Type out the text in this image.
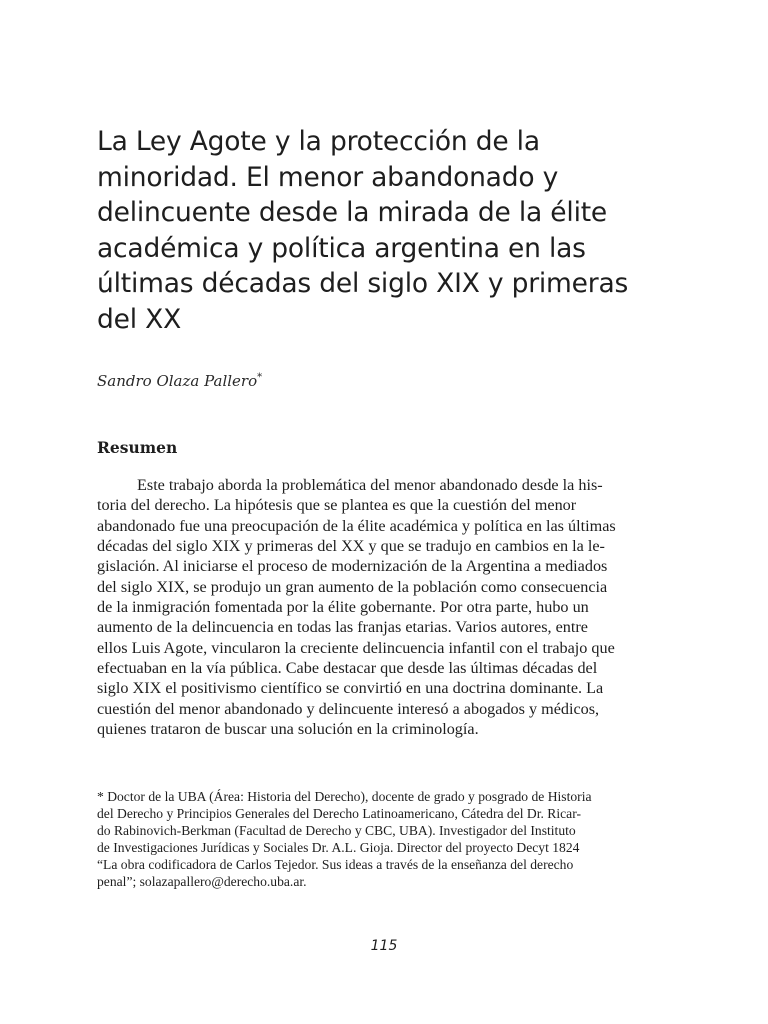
La Ley Agote y la protección de la
minoridad. El menor abandonado y
delincuente desde la mirada de la élite
académica y política argentina en las
últimas décadas del siglo XIX y primeras
del XX

Sandro Olaza Pallero*

Resumen

Este trabajo aborda la problemática del menor abandonado desde la his-
toria del derecho. La hipótesis que se plantea es que la cuestión del menor
abandonado fue una preocupación de la élite académica y política en las últimas
décadas del siglo XIX y primeras del XX y que se tradujo en cambios en la le-
gislación. Al iniciarse el proceso de modernización de la Argentina a mediados
del siglo XIX, se produjo un gran aumento de la población como consecuencia
de la inmigración fomentada por la élite gobernante. Por otra parte, hubo un
aumento de la delincuencia en todas las franjas etarias. Varios autores, entre
ellos Luis Agote, vincularon la creciente delincuencia infantil con el trabajo que
efectuaban en la vía pública. Cabe destacar que desde las últimas décadas del
siglo XIX el positivismo científico se convirtió en una doctrina dominante. La
cuestión del menor abandonado y delincuente interesó a abogados y médicos,
quienes trataron de buscar una solución en la criminología.

* Doctor de la UBA (Área: Historia del Derecho), docente de grado y posgrado de Historia
del Derecho y Principios Generales del Derecho Latinoamericano, Cátedra del Dr. Ricar-
do Rabinovich-Berkman (Facultad de Derecho y CBC, UBA). Investigador del Instituto
de Investigaciones Jurídicas y Sociales Dr. A.L. Gioja. Director del proyecto Decyt 1824
“La obra codificadora de Carlos Tejedor. Sus ideas a través de la enseñanza del derecho
penal”; solazapallero@derecho.uba.ar.

115
